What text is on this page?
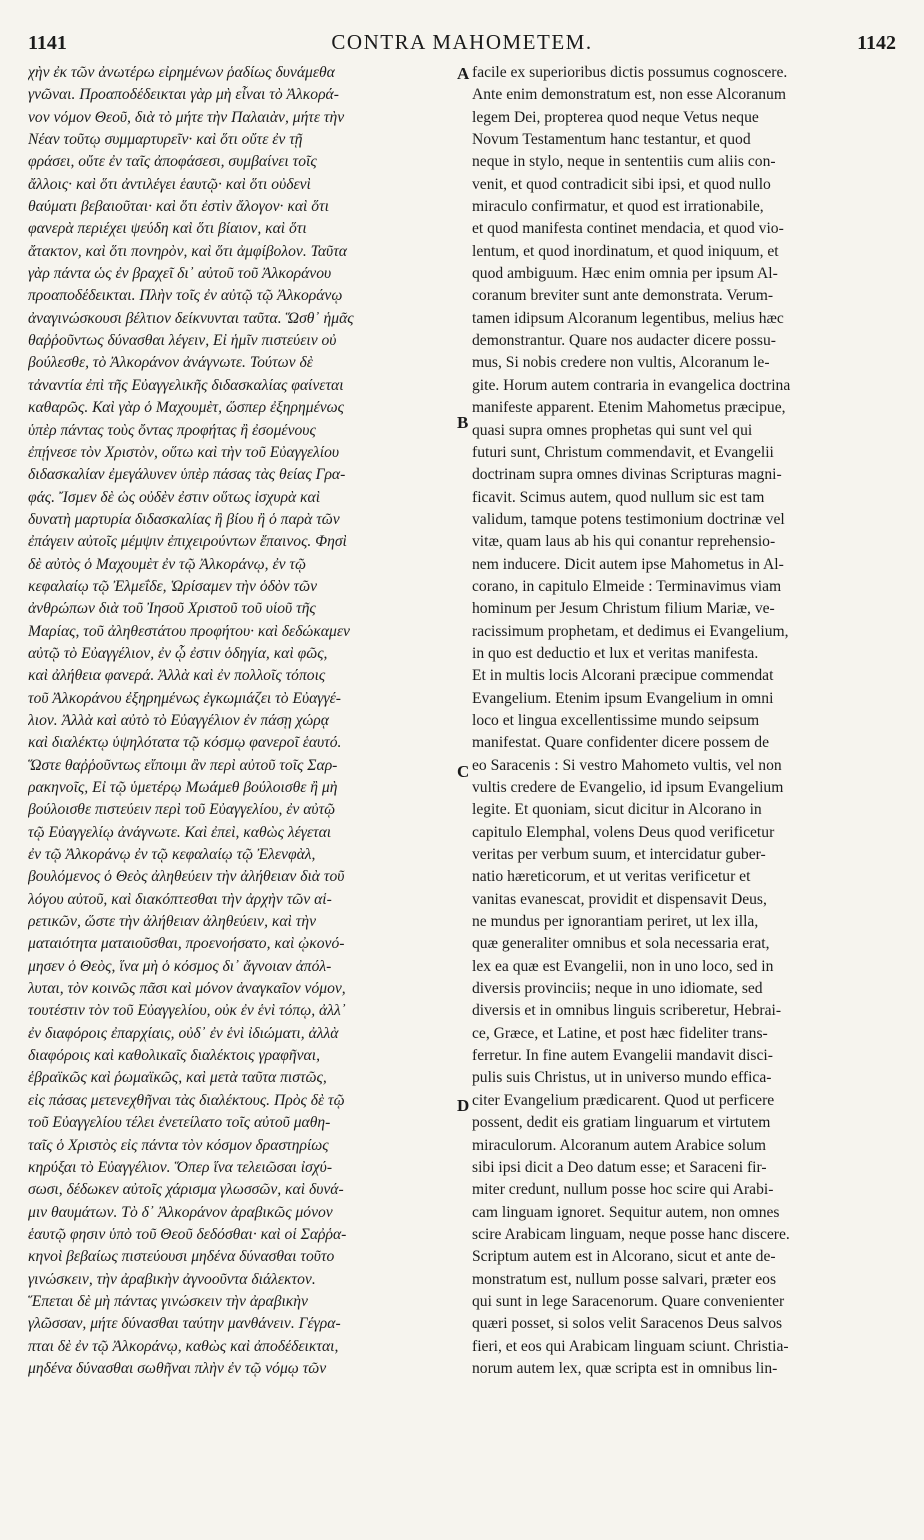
1141	CONTRA MAHOMETEM.	1142
χὴν ἐκ τῶν ἀνωτέρω εἰρημένων ῥαδίως δυνάμεθα
γνῶναι. Προαποδέδεικται γὰρ μὴ εἶναι τὸ Ἀλκορά-
νον νόμον Θεοῦ, διὰ τὸ μήτε τὴν Παλαιὰν, μήτε τὴν
Νέαν τοῦτῳ συμμαρτυρεῖν· καὶ ὅτι οὔτε ἐν τῇ
φράσει, οὔτε ἐν ταῖς ἀποφάσεσι, συμβαίνει τοῖς
ἄλλοις· καὶ ὅτι ἀντιλέγει ἑαυτῷ· καὶ ὅτι οὐδενὶ
θαύματι βεβαιοῦται· καὶ ὅτι ἐστὶν ἄλογον· καὶ ὅτι
φανερὰ περιέχει ψεύδη καὶ ὅτι βίαιον, καὶ ὅτι
ἄτακτον, καὶ ὅτι πονηρὸν, καὶ ὅτι ἀμφίβολον. Ταῦτα
γὰρ πάντα ὡς ἐν βραχεῖ δι᾿ αὐτοῦ τοῦ Ἀλκοράνου
προαποδέδεικται. Πλὴν τοῖς ἐν αὐτῷ τῷ Ἀλκοράνῳ
ἀναγινώσκουσι βέλτιον δείκνυνται ταῦτα. Ὥσθ᾿ ἡμᾶς
θαῤῥοῦντως δύνασθαι λέγειν, Εἰ ἡμῖν πιστεύειν οὐ
βούλεσθε, τὸ Ἀλκοράνον ἀνάγνωτε. Τούτων δὲ
τἀναντία ἐπὶ τῆς Εὐαγγελικῆς διδασκαλίας φαίνεται
καθαρῶς. Καὶ γὰρ ὁ Μαχουμὲτ, ὥσπερ ἐξηρημένως
ὑπὲρ πάντας τοὺς ὄντας προφήτας ἢ ἐσομένους
ἐπῄνεσε τὸν Χριστὸν, οὕτω καὶ τὴν τοῦ Εὐαγγελίου
διδασκαλίαν ἐμεγάλυνεν ὑπὲρ πάσας τὰς θείας Γρα-
φάς. Ἴσμεν δὲ ὡς οὐδὲν ἐστιν οὕτως ἰσχυρὰ καὶ
δυνατὴ μαρτυρία διδασκαλίας ἢ βίου ἢ ὁ παρὰ τῶν
ἐπάγειν αὐτοῖς μέμψιν ἐπιχειρούντων ἔπαινος. Φησὶ
δὲ αὐτὸς ὁ Μαχουμὲτ ἐν τῷ Ἀλκοράνῳ, ἐν τῷ
κεφαλαίῳ τῷ Ἐλμεΐδε, Ὡρίσαμεν τὴν ὁδὸν τῶν
ἀνθρώπων διὰ τοῦ Ἰησοῦ Χριστοῦ τοῦ υἱοῦ τῆς
Μαρίας, τοῦ ἀληθεστάτου προφήτου· καὶ δεδώκαμεν
αὐτῷ τὸ Εὐαγγέλιον, ἐν ᾧ ἐστιν ὁδηγία, καὶ φῶς,
καὶ ἀλήθεια φανερά. Ἀλλὰ καὶ ἐν πολλοῖς τόποις
τοῦ Ἀλκοράνου ἐξηρημένως ἐγκωμιάζει τὸ Εὐαγγέ-
λιον. Ἀλλὰ καὶ αὐτὸ τὸ Εὐαγγέλιον ἐν πάσῃ χώρᾳ
καὶ διαλέκτῳ ὑψηλότατα τῷ κόσμῳ φανεροῖ ἑαυτό.
Ὥστε θαῤῥοῦντως εἴποιμι ἂν περὶ αὐτοῦ τοῖς Σαρ-
ρακηνοῖς, Εἰ τῷ ὑμετέρῳ Μωάμεθ βούλοισθε ἢ μὴ
βούλοισθε πιστεύειν περὶ τοῦ Εὐαγγελίου, ἐν αὐτῷ
τῷ Εὐαγγελίῳ ἀνάγνωτε. Καὶ ἐπεὶ, καθὼς λέγεται
ἐν τῷ Ἀλκοράνῳ ἐν τῷ κεφαλαίῳ τῷ Ἐλενφὰλ,
βουλόμενος ὁ Θεὸς ἀληθεύειν τὴν ἀλήθειαν διὰ τοῦ
λόγου αὐτοῦ, καὶ διακόπτεσθαι τὴν ἀρχὴν τῶν αἱ-
ρετικῶν, ὥστε τὴν ἀλήθειαν ἀληθεύειν, καὶ τὴν
ματαιότητα ματαιοῦσθαι, προενοήσατο, καὶ ᾠκονό-
μησεν ὁ Θεὸς, ἵνα μὴ ὁ κόσμος δι᾿ ἄγνοιαν ἀπόλ-
λυται, τὸν κοινῶς πᾶσι καὶ μόνον ἀναγκαῖον νόμον,
τουτέστιν τὸν τοῦ Εὐαγγελίου, οὐκ ἐν ἑνὶ τόπῳ, ἀλλ᾿
ἐν διαφόροις ἐπαρχίαις, οὐδ᾿ ἐν ἑνὶ ἰδιώματι, ἀλλὰ
διαφόροις καὶ καθολικαῖς διαλέκτοις γραφῆναι,
ἑβραϊκῶς καὶ ῥωμαϊκῶς, καὶ μετὰ ταῦτα πιστῶς,
εἰς πάσας μετενεχθῆναι τὰς διαλέκτους. Πρὸς δὲ τῷ
τοῦ Εὐαγγελίου τέλει ἐνετείλατο τοῖς αὐτοῦ μαθη-
ταῖς ὁ Χριστὸς εἰς πάντα τὸν κόσμον δραστηρίως
κηρύξαι τὸ Εὐαγγέλιον. Ὅπερ ἵνα τελειῶσαι ἰσχύ-
σωσι, δέδωκεν αὐτοῖς χάρισμα γλωσσῶν, καὶ δυνά-
μιν θαυμάτων. Τὸ δ᾿ Ἀλκοράνον ἀραβικῶς μόνον
ἑαυτῷ φησιν ὑπὸ τοῦ Θεοῦ δεδόσθαι· καὶ οἱ Σαῤῥα-
κηνοὶ βεβαίως πιστεύουσι μηδένα δύνασθαι τοῦτο
γινώσκειν, τὴν ἀραβικὴν ἀγνοοῦντα διάλεκτον.
Ἕπεται δὲ μὴ πάντας γινώσκειν τὴν ἀραβικὴν
γλῶσσαν, μήτε δύνασθαι ταύτην μανθάνειν. Γέγρα-
πται δὲ ἐν τῷ Ἀλκοράνῳ, καθὼς καὶ ἀποδέδεικται,
μηδένα δύνασθαι σωθῆναι πλὴν ἐν τῷ νόμῳ τῶν
facile ex superioribus dictis possumus cognoscere.
Ante enim demonstratum est, non esse Alcoranum
legem Dei, propterea quod neque Vetus neque
Novum Testamentum hanc testantur, et quod
neque in stylo, neque in sententiis cum aliis con-
venit, et quod contradicit sibi ipsi, et quod nullo
miraculo confirmatur, et quod est irrationabile,
et quod manifesta continet mendacia, et quod vio-
lentum, et quod inordinatum, et quod iniquum, et
quod ambiguum. Hæc enim omnia per ipsum Al-
coranum breviter sunt ante demonstrata. Verum-
tamen idipsum Alcoranum legentibus, melius hæc
demonstrantur. Quare nos audacter dicere possu-
mus, Si nobis credere non vultis, Alcoranum le-
gite. Horum autem contraria in evangelica doctrina
manifeste apparent. Etenim Mahometus præcipue,
quasi supra omnes prophetas qui sunt vel qui
futuri sunt, Christum commendavit, et Evangelii
doctrinam supra omnes divinas Scripturas magni-
ficavit. Scimus autem, quod nullum sic est tam
validum, tamque potens testimonium doctrinæ vel
vitæ, quam laus ab his qui conantur reprehensio-
nem inducere. Dicit autem ipse Mahometus in Al-
corano, in capitulo Elmeide : Terminavimus viam
hominum per Jesum Christum filium Mariæ, ve-
racissimum prophetam, et dedimus ei Evangelium,
in quo est deductio et lux et veritas manifesta.
Et in multis locis Alcorani præcipue commendat
Evangelium. Etenim ipsum Evangelium in omni
loco et lingua excellentissime mundo seipsum
manifestat. Quare confidenter dicere possem de
eo Saracenis : Si vestro Mahometo vultis, vel non
vultis credere de Evangelio, id ipsum Evangelium
legite. Et quoniam, sicut dicitur in Alcorano in
capitulo Elemphal, volens Deus quod verificetur
veritas per verbum suum, et intercidatur guber-
natio hæreticorum, et ut veritas verificetur et
vanitas evanescat, providit et dispensavit Deus,
ne mundus per ignorantiam periret, ut lex illa,
quæ generaliter omnibus et sola necessaria erat,
lex ea quæ est Evangelii, non in uno loco, sed in
diversis provinciis; neque in uno idiomate, sed
diversis et in omnibus linguis scriberetur, Hebrai-
ce, Græce, et Latine, et post hæc fideliter trans-
ferretur. In fine autem Evangelii mandavit disci-
pulis suis Christus, ut in universo mundo effica-
citer Evangelium prædicarent. Quod ut perficere
possent, dedit eis gratiam linguarum et virtutem
miraculorum. Alcoranum autem Arabice solum
sibi ipsi dicit a Deo datum esse; et Saraceni fir-
miter credunt, nullum posse hoc scire qui Arabi-
cam linguam ignoret. Sequitur autem, non omnes
scire Arabicam linguam, neque posse hanc discere.
Scriptum autem est in Alcorano, sicut et ante de-
monstratum est, nullum posse salvari, præter eos
qui sunt in lege Saracenorum. Quare convenienter
quæri posset, si solos velit Saracenos Deus salvos
fieri, et eos qui Arabicam linguam sciunt. Christia-
norum autem lex, quæ scripta est in omnibus lin-
A
B
C
D
